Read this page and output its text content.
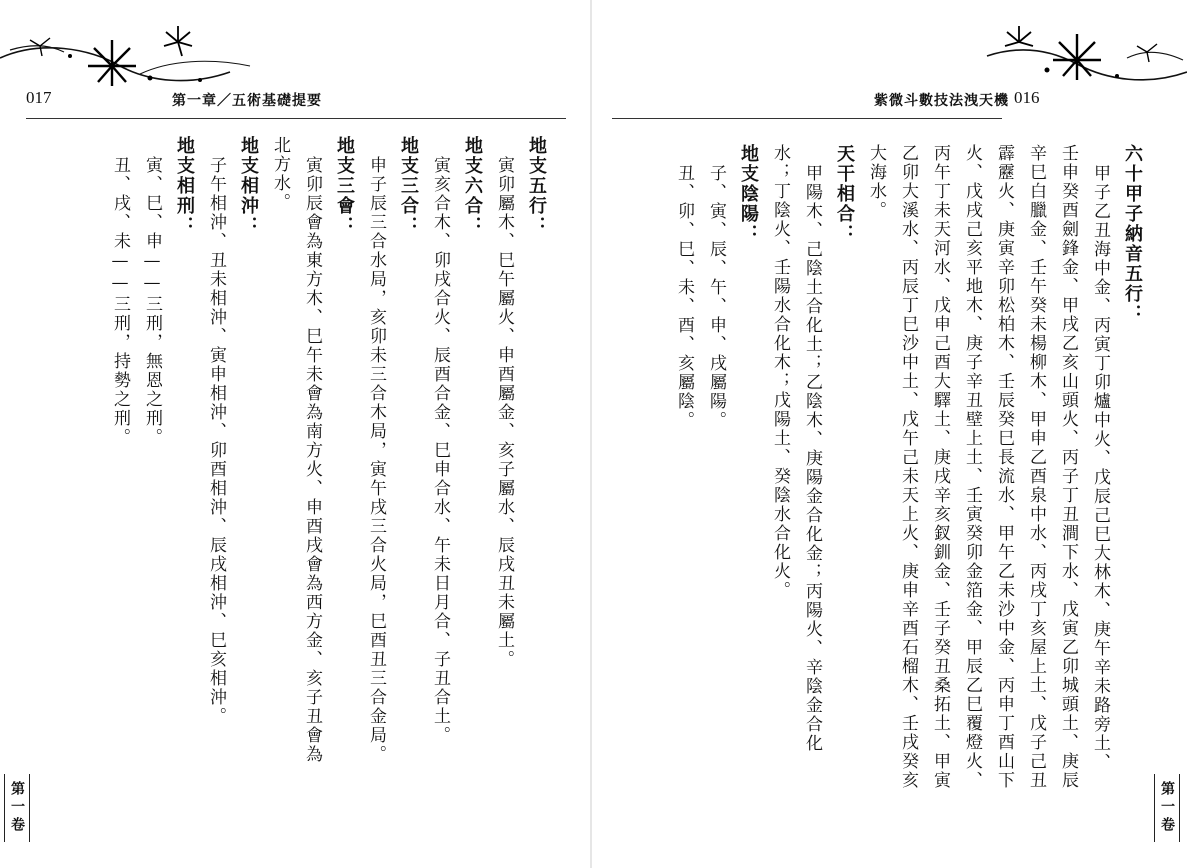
017	第一章／五術基礎提要
地支五行：
寅卯屬木、巳午屬火、申酉屬金、亥子屬水、辰戌丑未屬土。
地支六合：
寅亥合木、卯戌合火、辰酉合金、巳申合水、午未日月合、子丑合土。
地支三合：
申子辰三合水局，亥卯未三合木局，寅午戌三合火局，巳酉丑三合金局。
地支三會：
寅卯辰會為東方木、巳午未會為南方火、申酉戌會為西方金、亥子丑會為
北方水。
地支相沖：
子午相沖、丑未相沖、寅申相沖、卯酉相沖、辰戌相沖、巳亥相沖。
地支相刑：
寅、巳、申——三刑，無恩之刑。
丑、戌、未——三刑，持勢之刑。
第一卷
紫微斗數技法洩天機 016
六十甲子納音五行：
甲子乙丑海中金、丙寅丁卯爐中火、戊辰己巳大林木、庚午辛未路旁土、
壬申癸酉劍鋒金、甲戌乙亥山頭火、丙子丁丑澗下水、戊寅乙卯城頭土、庚辰
辛巳白臘金、壬午癸未楊柳木、甲申乙酉泉中水、丙戌丁亥屋上土、戊子己丑
霹靂火、庚寅辛卯松柏木、壬辰癸巳長流水、甲午乙未沙中金、丙申丁酉山下
火、戊戌己亥平地木、庚子辛丑壁上土、壬寅癸卯金箔金、甲辰乙巳覆燈火、
丙午丁未天河水、戊申己酉大驛土、庚戌辛亥釵釧金、壬子癸丑桑拓土、甲寅
乙卯大溪水、丙辰丁巳沙中土、戊午己未天上火、庚申辛酉石榴木、壬戌癸亥
大海水。
天干相合：
甲陽木、己陰土合化土；乙陰木、庚陽金合化金；丙陽火、辛陰金合化
水；丁陰火、壬陽水合化木；戊陽土、癸陰水合化火。
地支陰陽：
子、寅、辰、午、申、戌屬陽。
丑、卯、巳、未、酉、亥屬陰。
第一卷
